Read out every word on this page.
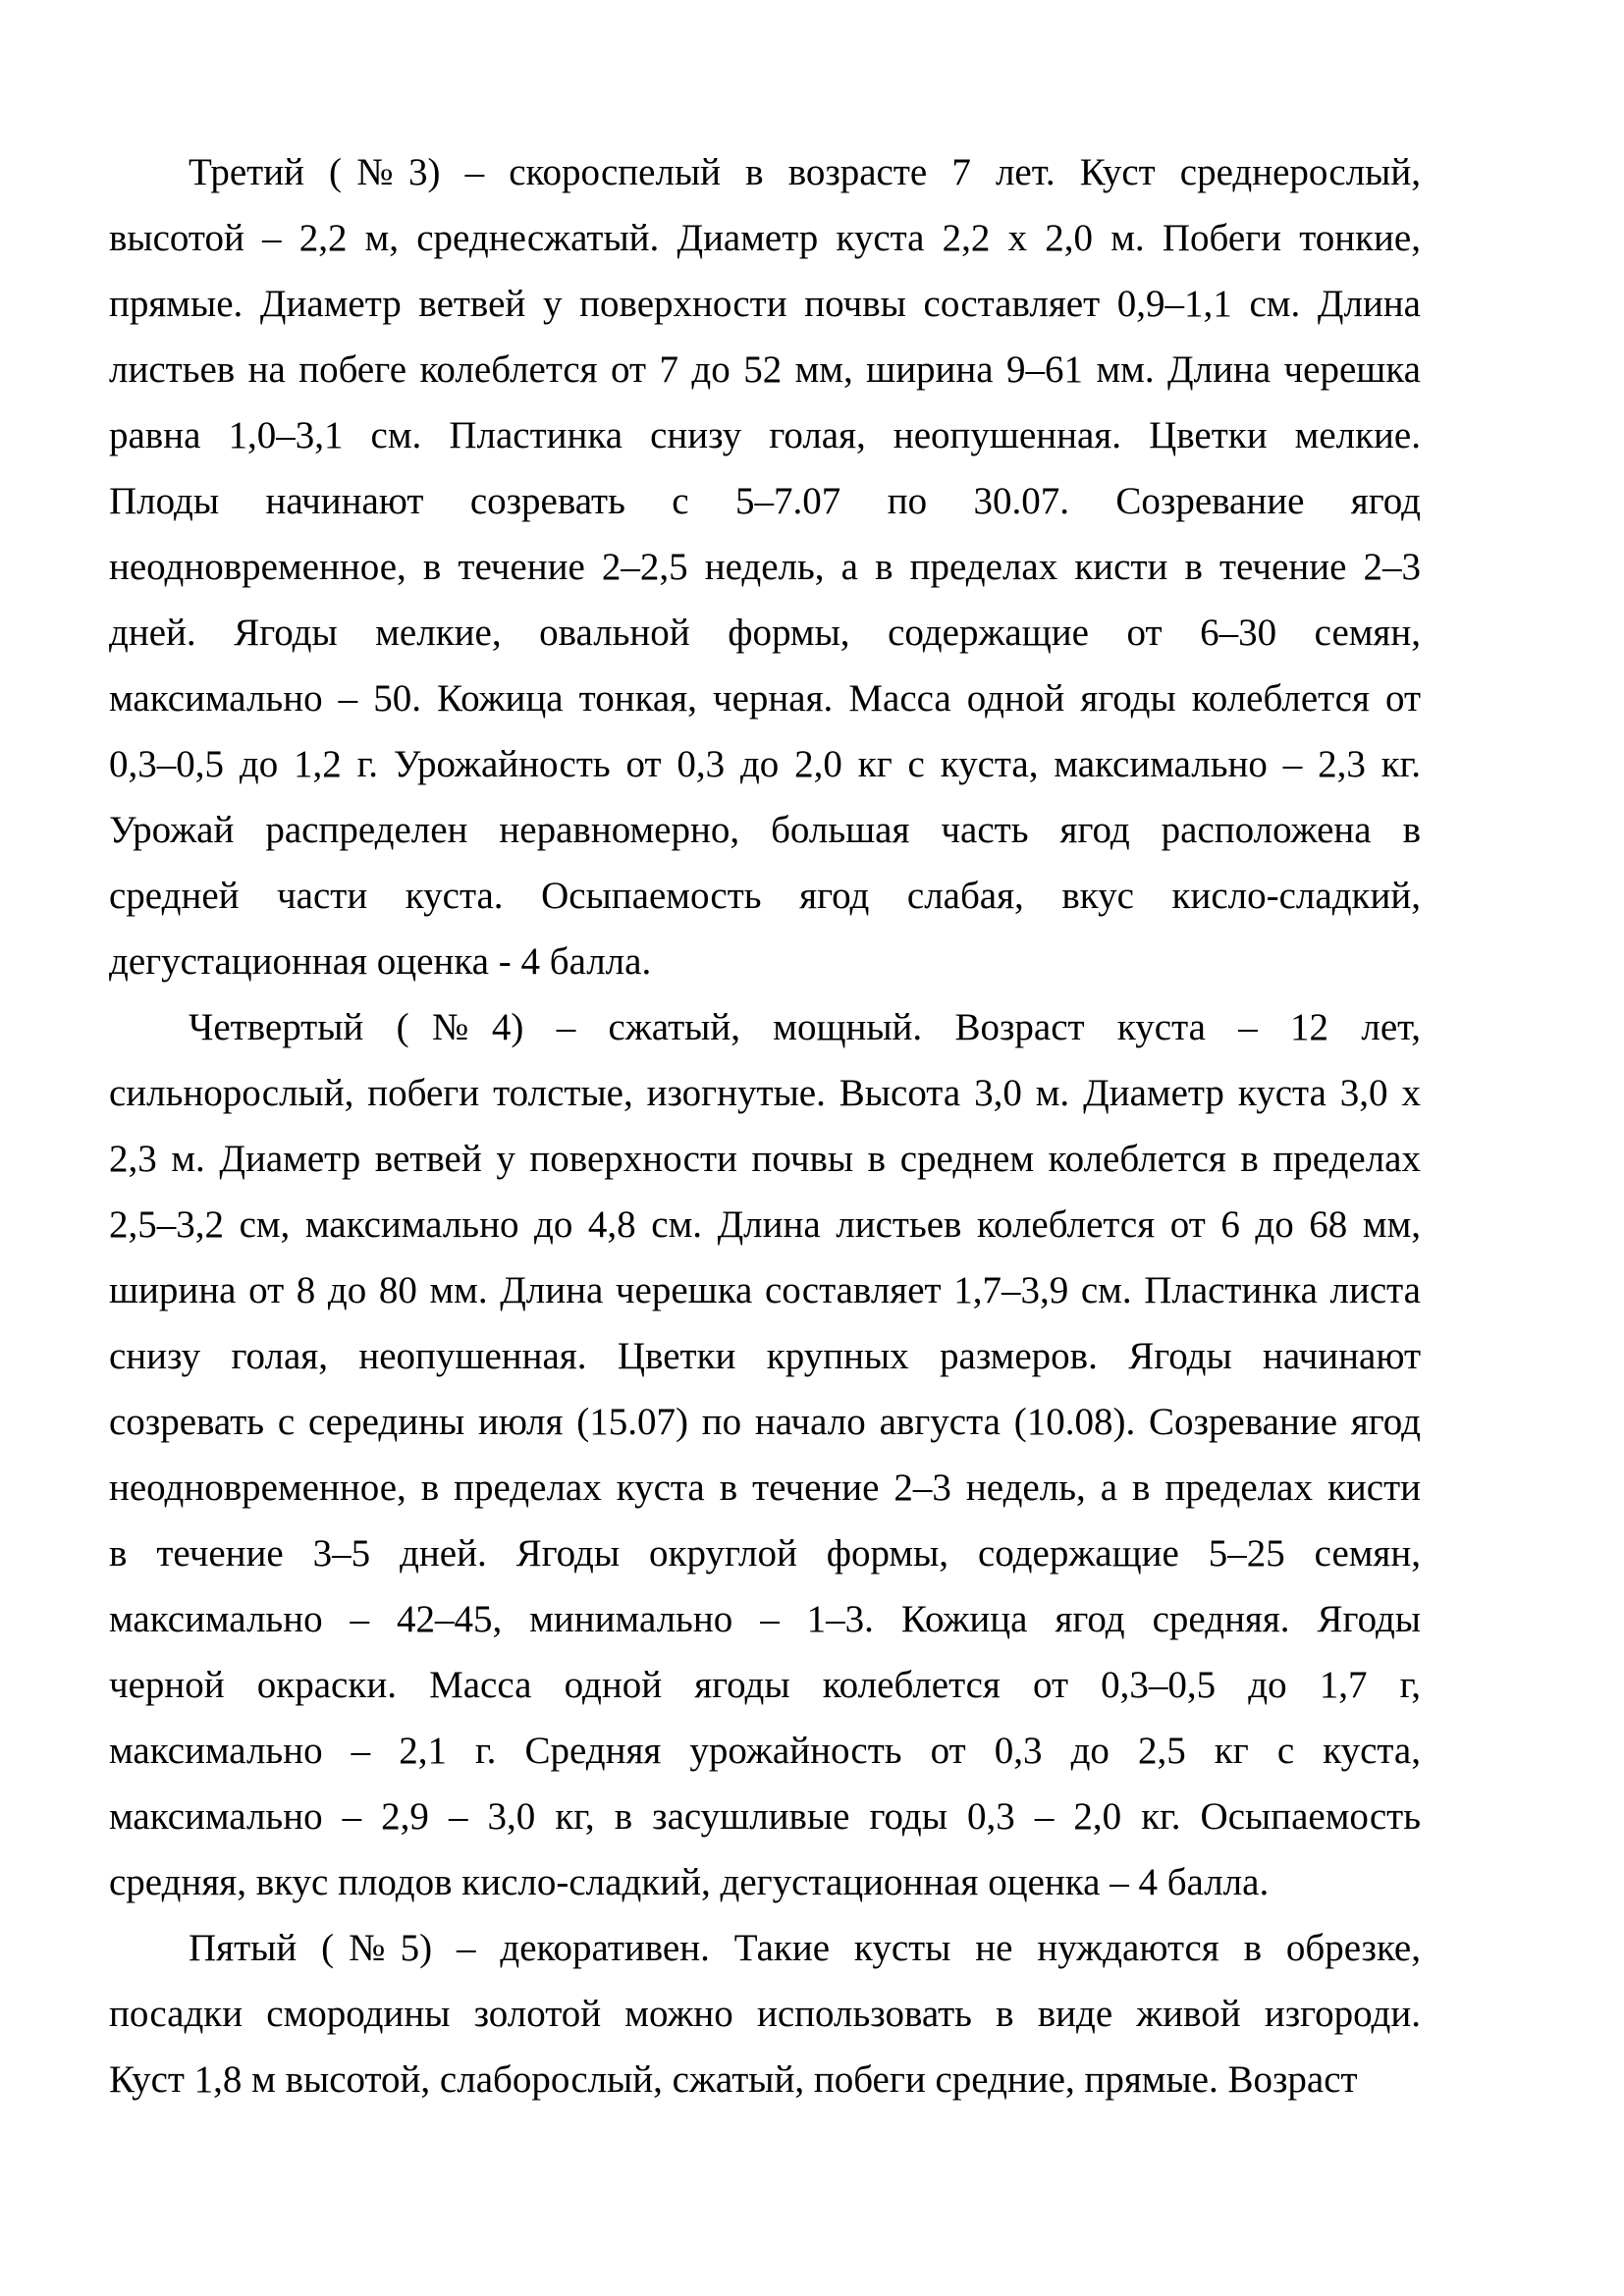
Третий (№3) – скороспелый в возрасте 7 лет. Куст среднерослый,
высотой – 2,2 м, среднесжатый. Диаметр куста 2,2 х 2,0 м. Побеги тонкие,
прямые. Диаметр ветвей у поверхности почвы составляет 0,9–1,1 см. Длина
листьев на побеге колеблется от 7 до 52 мм, ширина 9–61 мм. Длина черешка
равна 1,0–3,1 см. Пластинка снизу голая, неопушенная. Цветки мелкие.
Плоды начинают созревать с 5–7.07 по 30.07. Созревание ягод
неодновременное, в течение 2–2,5 недель, а в пределах кисти в течение 2–3
дней. Ягоды мелкие, овальной формы, содержащие от 6–30 семян,
максимально – 50. Кожица тонкая, черная. Масса одной ягоды колеблется от
0,3–0,5 до 1,2 г. Урожайность от 0,3 до 2,0 кг с куста, максимально – 2,3 кг.
Урожай распределен неравномерно, большая часть ягод расположена в
средней части куста. Осыпаемость ягод слабая, вкус кисло-сладкий,
дегустационная оценка - 4 балла.
Четвертый (№4) – сжатый, мощный. Возраст куста – 12 лет,
сильнорослый, побеги толстые, изогнутые. Высота 3,0 м. Диаметр куста 3,0 х
2,3 м. Диаметр ветвей у поверхности почвы в среднем колеблется в пределах
2,5–3,2 см, максимально до 4,8 см. Длина листьев колеблется от 6 до 68 мм,
ширина от 8 до 80 мм. Длина черешка составляет 1,7–3,9 см. Пластинка листа
снизу голая, неопушенная. Цветки крупных размеров. Ягоды начинают
созревать с середины июля (15.07) по начало августа (10.08). Созревание ягод
неодновременное, в пределах куста в течение 2–3 недель, а в пределах кисти
в течение 3–5 дней. Ягоды округлой формы, содержащие 5–25 семян,
максимально – 42–45, минимально – 1–3. Кожица ягод средняя. Ягоды
черной окраски. Масса одной ягоды колеблется от 0,3–0,5 до 1,7 г,
максимально – 2,1 г. Средняя урожайность от 0,3 до 2,5 кг с куста,
максимально – 2,9 – 3,0 кг, в засушливые годы 0,3 – 2,0 кг. Осыпаемость
средняя, вкус плодов кисло-сладкий, дегустационная оценка – 4 балла.
Пятый (№5) – декоративен. Такие кусты не нуждаются в обрезке,
посадки смородины золотой можно использовать в виде живой изгороди.
Куст 1,8 м высотой, слаборослый, сжатый, побеги средние, прямые. Возраст
